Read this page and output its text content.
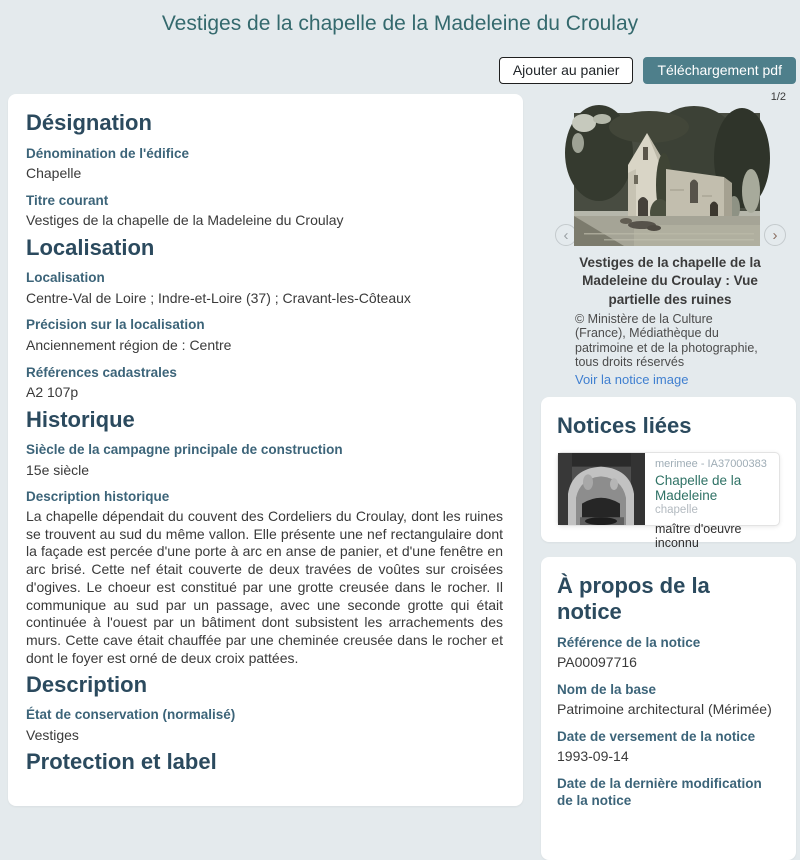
Vestiges de la chapelle de la Madeleine du Croulay
Ajouter au panier	Téléchargement pdf
Désignation
Dénomination de l'édifice
Chapelle
Titre courant
Vestiges de la chapelle de la Madeleine du Croulay
Localisation
Localisation
Centre-Val de Loire ; Indre-et-Loire (37) ; Cravant-les-Côteaux
Précision sur la localisation
Anciennement région de : Centre
Références cadastrales
A2 107p
Historique
Siècle de la campagne principale de construction
15e siècle
Description historique
La chapelle dépendait du couvent des Cordeliers du Croulay, dont les ruines se trouvent au sud du même vallon. Elle présente une nef rectangulaire dont la façade est percée d'une porte à arc en anse de panier, et d'une fenêtre en arc brisé. Cette nef était couverte de deux travées de voûtes sur croisées d'ogives. Le choeur est constitué par une grotte creusée dans le rocher. Il communique au sud par un passage, avec une seconde grotte qui était continuée à l'ouest par un bâtiment dont subsistent les arrachements des murs. Cette cave était chauffée par une cheminée creusée dans le rocher et dont le foyer est orné de deux croix pattées.
Description
État de conservation (normalisé)
Vestiges
Protection et label
1/2
‹	›
Vestiges de la chapelle de la Madeleine du Croulay : Vue partielle des ruines
© Ministère de la Culture (France), Médiathèque du patrimoine et de la photographie, tous droits réservés
Voir la notice image
Notices liées
merimee - IA37000383
Chapelle de la Madeleine
chapelle
maître d'oeuvre inconnu
À propos de la notice
Référence de la notice
PA00097716
Nom de la base
Patrimoine architectural (Mérimée)
Date de versement de la notice
1993-09-14
Date de la dernière modification de la notice
